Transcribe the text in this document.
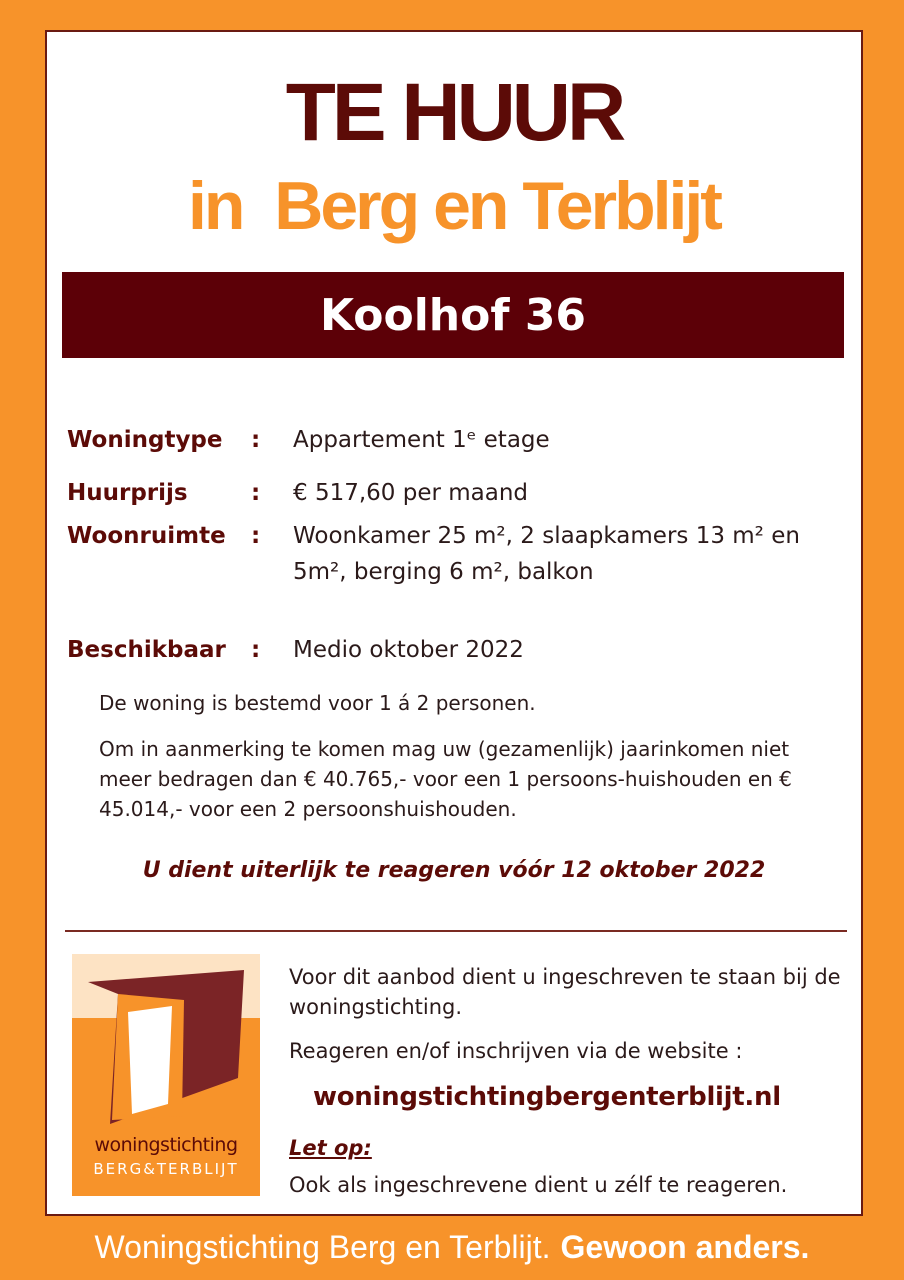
TE HUUR
in  Berg en Terblijt
Koolhof 36
Woningtype	: Appartement 1ᵉ etage
Huurprijs	: € 517,60 per maand
Woonruimte	: Woonkamer 25 m², 2 slaapkamers 13 m² en 5m², berging 6 m², balkon
Beschikbaar	: Medio oktober 2022
De woning is bestemd voor 1 á 2 personen.
Om in aanmerking te komen mag uw (gezamenlijk) jaarinkomen niet meer bedragen dan € 40.765,- voor een 1 persoons-huishouden en € 45.014,- voor een 2 persoonshuishouden.
U dient uiterlijk te reageren vóór 12 oktober 2022
woningstichting
BERG&TERBLIJT
Voor dit aanbod dient u ingeschreven te staan bij de woningstichting.
Reageren en/of inschrijven via de website :
woningstichtingbergenterblijt.nl
Let op:
Ook als ingeschrevene dient u zélf te reageren.
Woningstichting Berg en Terblijt. Gewoon anders.
